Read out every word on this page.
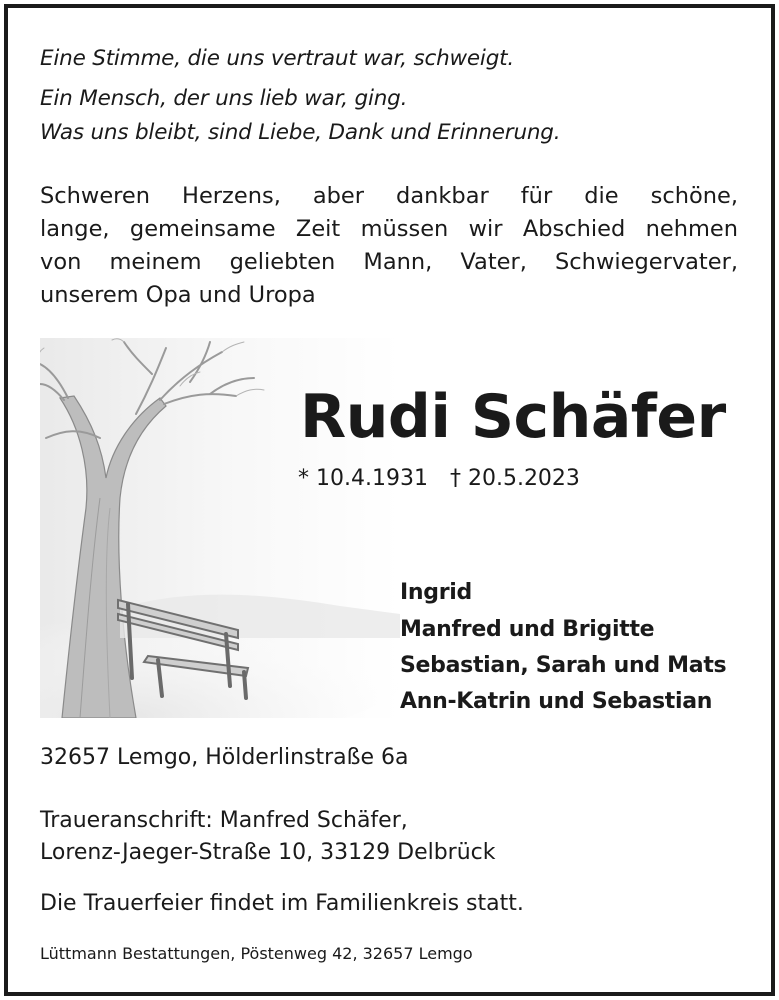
Eine Stimme, die uns vertraut war, schweigt.
Ein Mensch, der uns lieb war, ging.
Was uns bleibt, sind Liebe, Dank und Erinnerung.
Schweren Herzens, aber dankbar für die schöne,
lange, gemeinsame Zeit müssen wir Abschied nehmen
von meinem geliebten Mann, Vater, Schwiegervater,
unserem Opa und Uropa
Rudi Schäfer
* 10.4.1931 † 20.5.2023
Ingrid
Manfred und Brigitte
Sebastian, Sarah und Mats
Ann-Katrin und Sebastian
32657 Lemgo, Hölderlinstraße 6a
Traueranschrift: Manfred Schäfer,
Lorenz-Jaeger-Straße 10, 33129 Delbrück
Die Trauerfeier findet im Familienkreis statt.
Lüttmann Bestattungen, Pöstenweg 42, 32657 Lemgo
